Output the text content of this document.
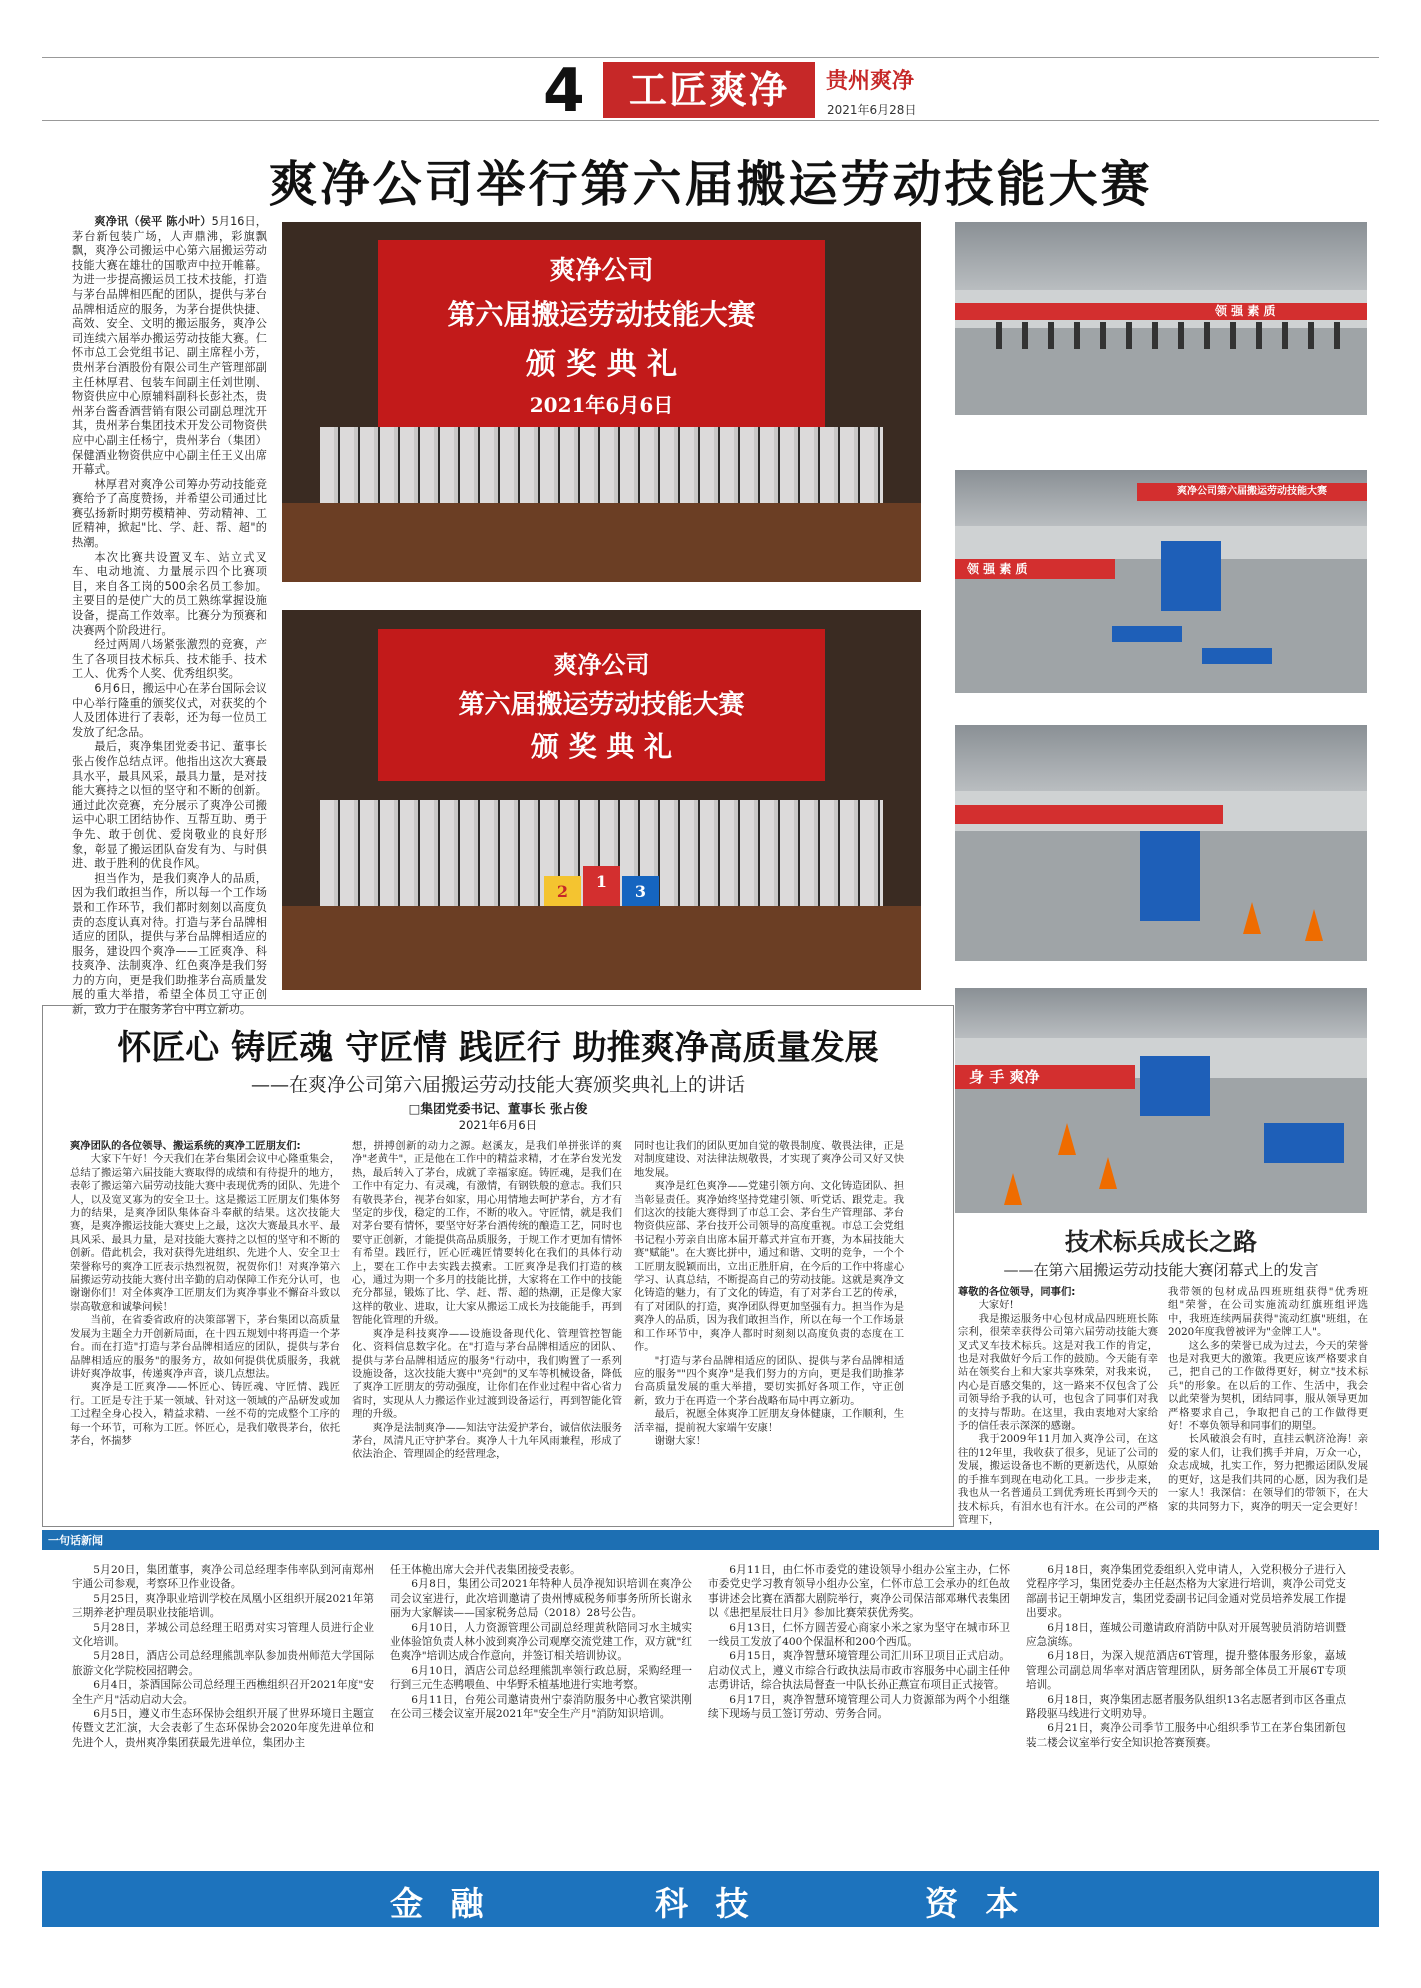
4	工匠爽净	贵州爽净
2021年6月28日
爽净公司举行第六届搬运劳动技能大赛

爽净讯（侯平 陈小叶）5月16日，茅台新包装广场，人声鼎沸，彩旗飘飘，爽净公司搬运中心第六届搬运劳动技能大赛在雄壮的国歌声中拉开帷幕。为进一步提高搬运员工技术技能，打造与茅台品牌相匹配的团队，提供与茅台品牌相适应的服务，为茅台提供快捷、高效、安全、文明的搬运服务，爽净公司连续六届举办搬运劳动技能大赛。仁怀市总工会党组书记、副主席程小芳，贵州茅台酒股份有限公司生产管理部副主任林厚君、包装车间副主任刘世刚、物资供应中心原辅料副科长彭社杰，贵州茅台酱香酒营销有限公司副总理沈开其，贵州茅台集团技术开发公司物资供应中心副主任杨宁，贵州茅台（集团）保健酒业物资供应中心副主任王义出席开幕式。

林厚君对爽净公司筹办劳动技能竞赛给予了高度赞扬，并希望公司通过比赛弘扬新时期劳模精神、劳动精神、工匠精神，掀起"比、学、赶、帮、超"的热潮。

本次比赛共设置叉车、站立式叉车、电动地流、力量展示四个比赛项目，来自各工岗的500余名员工参加。主要目的是使广大的员工熟练掌握设施设备，提高工作效率。比赛分为预赛和决赛两个阶段进行。

经过两周八场紧张激烈的竞赛，产生了各项目技术标兵、技术能手、技术工人、优秀个人奖、优秀组织奖。

6月6日，搬运中心在茅台国际会议中心举行隆重的颁奖仪式，对获奖的个人及团体进行了表彰，还为每一位员工发放了纪念品。

最后，爽净集团党委书记、董事长张占俊作总结点评。他指出这次大赛最具水平，最具风采，最具力量，是对技能大赛持之以恒的坚守和不断的创新。通过此次竞赛，充分展示了爽净公司搬运中心职工团结协作、互帮互助、勇于争先、敢于创优、爱岗敬业的良好形象，彰显了搬运团队奋发有为、与时俱进、敢于胜利的优良作风。

担当作为，是我们爽净人的品质，因为我们敢担当作，所以每一个工作场景和工作环节，我们都时刻刻以高度负责的态度认真对待。打造与茅台品牌相适应的团队，提供与茅台品牌相适应的服务，建设四个爽净——工匠爽净、科技爽净、法制爽净、红色爽净是我们努力的方向，更是我们助推茅台高质量发展的重大举措，希望全体员工守正创新，致力于在服务茅台中再立新功。

爽净公司
第六届搬运劳动技能大赛
颁 奖 典 礼
2021年6月6日
爽净公司
第六届搬运劳动技能大赛
颁 奖 典 礼
2
1
3
领 强 素 质
爽净公司第六届搬运劳动技能大赛
领 强 素 质
身 手 爽净
怀匠心 铸匠魂 守匠情 践匠行 助推爽净高质量发展
——在爽净公司第六届搬运劳动技能大赛颁奖典礼上的讲话
□集团党委书记、董事长 张占俊
2021年6月6日

爽净团队的各位领导、搬运系统的爽净工匠朋友们:

大家下午好！今天我们在茅台集团会议中心隆重集会，总结了搬运第六届技能大赛取得的成绩和有待提升的地方，表彰了搬运第六届劳动技能大赛中表现优秀的团队、先进个人，以及宽叉寡为的安全卫士。这是搬运工匠朋友们集体努力的结果，是爽净团队集体奋斗奉献的结果。这次技能大赛，是爽净搬运技能大赛史上之最，这次大赛最具水平、最具风采、最具力量，是对技能大赛持之以恒的坚守和不断的创新。借此机会，我对获得先进组织、先进个人、安全卫士荣誉称号的爽净工匠表示热烈祝贺，祝贺你们！对爽净第六届搬运劳动技能大赛付出辛勤的启动保障工作充分认可，也谢谢你们！对全体爽净工匠朋友们为爽净事业不懈奋斗致以崇高敬意和诚挚问候！

当前，在省委省政府的决策部署下，茅台集团以高质量发展为主题全力开创新局面，在十四五规划中将再造一个茅台。而在打造"打造与茅台品牌相适应的团队，提供与茅台品牌相适应的服务"的服务方，故如何提供优质服务，我就讲好爽净故事，传递爽净声音，谈几点想法。

爽净是工匠爽净——怀匠心、铸匠魂、守匠情、践匠行。工匠是专注于某一领域、针对这一领域的产品研发或加工过程全身心投入，精益求精、一丝不苟的完成整个工序的每一个环节，可称为工匠。怀匠心，是我们敬畏茅台，依托茅台，怀揣梦

想，拼搏创新的动力之源。赵溪友，是我们单拼张详的爽净"老黄牛"，正是他在工作中的精益求精，才在茅台发光发热，最后转入了茅台，成就了幸福家庭。铸匠魂，是我们在工作中有定力、有灵魂，有激情，有钢铁般的意志。我们只有敬畏茅台，视茅台如家，用心用情地去呵护茅台，方才有坚定的步伐，稳定的工作，不断的收入。守匠情，就是我们对茅台要有情怀，要坚守好茅台酒传统的酿造工艺，同时也要守正创新，才能提供高品质服务，于规工作才更加有情怀有希望。践匠行，匠心匠魂匠情要转化在我们的具体行动上，要在工作中去实践去摸索。工匠爽净是我们打造的核心，通过为期一个多月的技能比拼，大家将在工作中的技能充分都显，锻炼了比、学、赶、帮、超的热潮，正是像大家这样的敬业、进取，让大家从搬运工成长为技能能手，再到智能化管理的升级。

爽净是科技爽净——设施设备现代化、管理管控智能化、资料信息数字化。在"打造与茅台品牌相适应的团队、提供与茅台品牌相适应的服务"行动中，我们购置了一系列设施设备，这次技能大赛中"亮剑"的叉车等机械设备，降低了爽净工匠朋友的劳动强度，让你们在作业过程中省心省力省时，实现从人力搬运作业过渡到设备运行，再到智能化管理的升级。

爽净是法制爽净——知法守法爱护茅台，诚信依法服务茅台，凤清凡正守护茅台。爽净人十九年风雨兼程，形成了依法治企、管理固企的经营理念，

同时也让我们的团队更加自觉的敬畏制度、敬畏法律，正是对制度建设、对法律法规敬畏，才实现了爽净公司又好又快地发展。

爽净是红色爽净——党建引领方向、文化铸造团队、担当彰显责任。爽净始终坚持党建引领、听党话、跟党走。我们这次的技能大赛得到了市总工会、茅台生产管理部、茅台物资供应部、茅台技开公司领导的高度重视。市总工会党组书记程小芳亲自出席本届开幕式并宣布开赛，为本届技能大赛"赋能"。在大赛比拼中，通过和谐、文明的竞争，一个个工匠朋友脱颖而出，立出正胜肝肩，在今后的工作中将虚心学习、认真总结，不断提高自己的劳动技能。这就是爽净文化铸造的魅力，有了文化的铸造，有了对茅台工艺的传承，有了对团队的打造，爽净团队得更加坚强有力。担当作为是爽净人的品质，因为我们敢担当作，所以在每一个工作场景和工作环节中，爽净人都时时刻刻以高度负责的态度在工作。

"打造与茅台品牌相适应的团队、提供与茅台品牌相适应的服务""四个爽净"是我们努力的方向，更是我们助推茅台高质量发展的重大举措，要切实抓好各项工作，守正创新，致力于在再造一个茅台战略布局中再立新功。

最后，祝愿全体爽净工匠朋友身体健康，工作顺利，生活幸福，提前祝大家端午安康！

谢谢大家！

技术标兵成长之路
——在第六届搬运劳动技能大赛闭幕式上的发言

尊敬的各位领导，同事们:

大家好!

我是搬运服务中心包材成品四班班长陈宗利，很荣幸获得公司第六届劳动技能大赛叉式叉车技术标兵。这是对我工作的肯定，也是对我做好今后工作的鼓励。今天能有幸站在领奖台上和大家共享殊荣，对我来说，内心是百感交集的，这一路来不仅包含了公司领导给予我的认可，也包含了同事们对我的支持与帮助。在这里，我由衷地对大家给予的信任表示深深的感谢。

我于2009年11月加入爽净公司，在这往的12年里，我收获了很多，见证了公司的发展，搬运设备也不断的更新迭代，从原始的手推车到现在电动化工具。一步步走来，我也从一名普通员工到优秀班长再到今天的技术标兵，有泪水也有汗水。在公司的严格管理下，

我带领的包材成品四班班组获得"优秀班组"荣誉，在公司实施流动红旗班组评选中，我班连续两届获得"流动红旗"班组，在2020年度我曾被评为"金牌工人"。

这么多的荣誉已成为过去，今天的荣誉也是对我更大的激策。我更应该严格要求自己，把自己的工作做得更好，树立"技术标兵"的形象。在以后的工作、生活中，我会以此荣誉为契机，团结同事，服从领导更加严格要求自己，争取把自己的工作做得更好！不辜负领导和同事们的期望。

长风破浪会有时，直挂云帆济沧海！亲爱的家人们，让我们携手并肩，万众一心，众志成城，扎实工作，努力把搬运团队发展的更好，这是我们共同的心愿，因为我们是一家人！我深信：在领导们的带领下，在大家的共同努力下，爽净的明天一定会更好！

一句话新闻

5月20日，集团董事，爽净公司总经理李伟率队到河南郑州宇通公司参观，考察环卫作业设备。

5月25日，爽净职业培训学校在凤凰小区组织开展2021年第三期养老护理员职业技能培训。

5月28日，茅城公司总经理王昭勇对实习管理人员进行企业文化培训。

5月28日，酒店公司总经理熊凯率队参加贵州师范大学国际旅游文化学院校园招聘会。

6月4日，茶酒国际公司总经理王西樵组织召开2021年度"安全生产月"活动启动大会。

6月5日，遵义市生态环保协会组织开展了世界环境日主题宣传暨文艺汇演，大会表彰了生态环保协会2020年度先进单位和先进个人，贵州爽净集团获最先进单位，集团办主

任王体桅出席大会并代表集团接受表彰。

6月8日，集团公司2021年特种人员净视知识培训在爽净公司会议室进行，此次培训邀请了贵州博威税务师事务所所长谢永丽为大家解读——国家税务总局（2018）28号公告。

6月10日，人力资源管理公司副总经理黄秋陪同习水主城实业体验馆负责人林小波到爽净公司观摩交流党建工作，双方就"红色爽净"培训达成合作意向，并签订相关培训协议。

6月10日，酒店公司总经理熊凯率领行政总厨，采购经理一行到三元生态鸭喂鱼、中华野禾植基地进行实地考察。

6月11日，台苑公司邀请贵州宁泰消防服务中心教官梁洪刚在公司三楼会议室开展2021年"安全生产月"消防知识培训。

6月11日，由仁怀市委党的建设领导小组办公室主办，仁怀市委党史学习教育领导小组办公室，仁怀市总工会承办的红色故事讲述会比赛在酒都大剧院举行，爽净公司保洁部邓琳代表集团以《患把星辰壮日月》参加比赛荣获优秀奖。

6月13日，仁怀方圆苦爱心商家小米之家为坚守在城市环卫一线员工发放了400个保温杯和200个西瓜。

6月15日，爽净智慧环境管理公司汇川环卫项目正式启动。启动仪式上，遵义市综合行政执法局市政市容服务中心副主任仲志勇讲话，综合执法局督查一中队长孙正燕宣布项目正式接管。

6月17日，爽净智慧环境管理公司人力资源部为两个小组继续下现场与员工签订劳动、劳务合同。

6月18日，爽净集团党委组织入党申请人，入党积极分子进行入党程序学习，集团党委办主任赵杰格为大家进行培训，爽净公司党支部副书记王朝坤发言，集团党委副书记闫金通对党员培养发展工作提出要求。

6月18日，莲城公司邀请政府消防中队对开展驾驶员消防培训暨应急演练。

6月18日，为深入规范酒店6T管理，提升整体服务形象，嘉域管理公司副总周华率对酒店管理团队，厨务部全体员工开展6T专项培训。

6月18日，爽净集团志愿者服务队组织13名志愿者到市区各重点路段驱马线进行文明劝导。

6月21日，爽净公司季节工服务中心组织季节工在茅台集团新包装二楼会议室举行安全知识抢答赛预赛。

金 融	科 技	资 本
